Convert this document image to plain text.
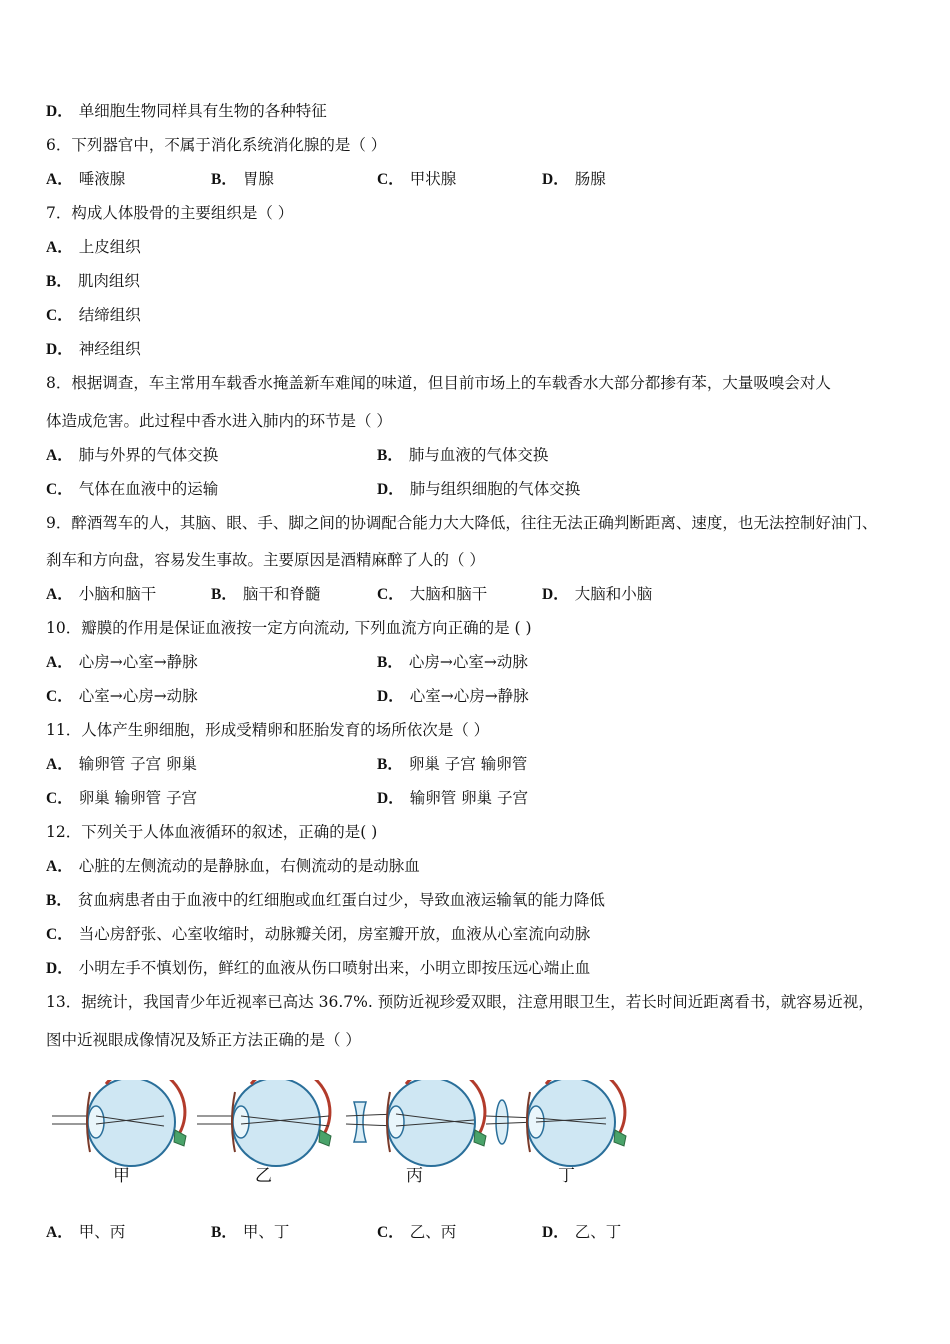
D． 单细胞生物同样具有生物的各种特征
6．下列器官中，不属于消化系统消化腺的是（ ）
A． 唾液腺	B． 胃腺	C． 甲状腺	D． 肠腺
7．构成人体股骨的主要组织是（ ）
A． 上皮组织
B． 肌肉组织
C． 结缔组织
D． 神经组织
8．根据调查，车主常用车载香水掩盖新车难闻的味道，但目前市场上的车载香水大部分都掺有苯，大量吸嗅会对人
体造成危害。此过程中香水进入肺内的环节是（ ）
A． 肺与外界的气体交换	B． 肺与血液的气体交换
C． 气体在血液中的运输	D． 肺与组织细胞的气体交换
9．醉酒驾车的人，其脑、眼、手、脚之间的协调配合能力大大降低，往往无法正确判断距离、速度，也无法控制好油门、
刹车和方向盘，容易发生事故。主要原因是酒精麻醉了人的（ ）
A． 小脑和脑干	B． 脑干和脊髓	C． 大脑和脑干	D． 大脑和小脑
10．瓣膜的作用是保证血液按一定方向流动, 下列血流方向正确的是 ( )
A． 心房→心室→静脉	B． 心房→心室→动脉
C． 心室→心房→动脉	D． 心室→心房→静脉
11．人体产生卵细胞，形成受精卵和胚胎发育的场所依次是（ ）
A． 输卵管 子宫 卵巢	B． 卵巢 子宫 输卵管
C． 卵巢 输卵管 子宫	D． 输卵管 卵巢 子宫
12．下列关于人体血液循环的叙述，正确的是( )
A． 心脏的左侧流动的是静脉血，右侧流动的是动脉血
B． 贫血病患者由于血液中的红细胞或血红蛋白过少，导致血液运输氧的能力降低
C． 当心房舒张、心室收缩时，动脉瓣关闭，房室瓣开放，血液从心室流向动脉
D． 小明左手不慎划伤，鲜红的血液从伤口喷射出来，小明立即按压远心端止血
13．据统计，我国青少年近视率已高达 36.7%. 预防近视珍爱双眼，注意用眼卫生，若长时间近距离看书，就容易近视，
图中近视眼成像情况及矫正方法正确的是（ ）
甲	乙	丙	丁
A． 甲、丙	B． 甲、丁	C． 乙、丙	D． 乙、丁
